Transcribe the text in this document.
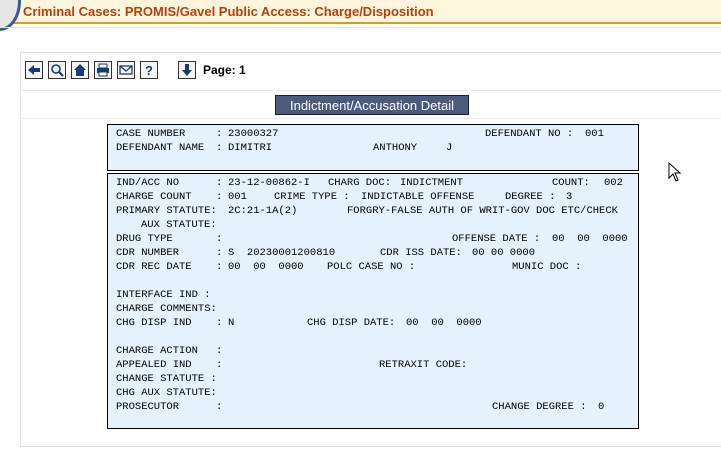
Criminal Cases: PROMIS/Gavel Public Access: Charge/Disposition
?	Page: 1
Indictment/Accusation Detail
CASE NUMBER	: 23000327	DEFENDANT NO : 001
DEFENDANT NAME : DIMITRI	ANTHONY	J
IND/ACC NO	: 23-12-00862-I CHARG DOC: INDICTMENT	COUNT: 002
CHARGE COUNT : 001	CRIME TYPE : INDICTABLE OFFENSE	DEGREE : 3
PRIMARY STATUTE: 2C:21-1A(2)	FORGRY-FALSE AUTH OF WRIT-GOV DOC ETC/CHECK
AUX STATUTE:
DRUG TYPE	:	OFFENSE DATE : 00  00  0000
CDR NUMBER	: S  20230001200810	CDR ISS DATE: 00 00 0000
CDR REC DATE : 00  00  0000 POLC CASE NO :	MUNIC DOC :
INTERFACE IND :
CHARGE COMMENTS:
CHG DISP IND : N	CHG DISP DATE: 00  00  0000
CHARGE ACTION :
APPEALED IND :	RETRAXIT CODE:
CHANGE STATUTE :
CHG AUX STATUTE:
PROSECUTOR	:	CHANGE DEGREE : 0
